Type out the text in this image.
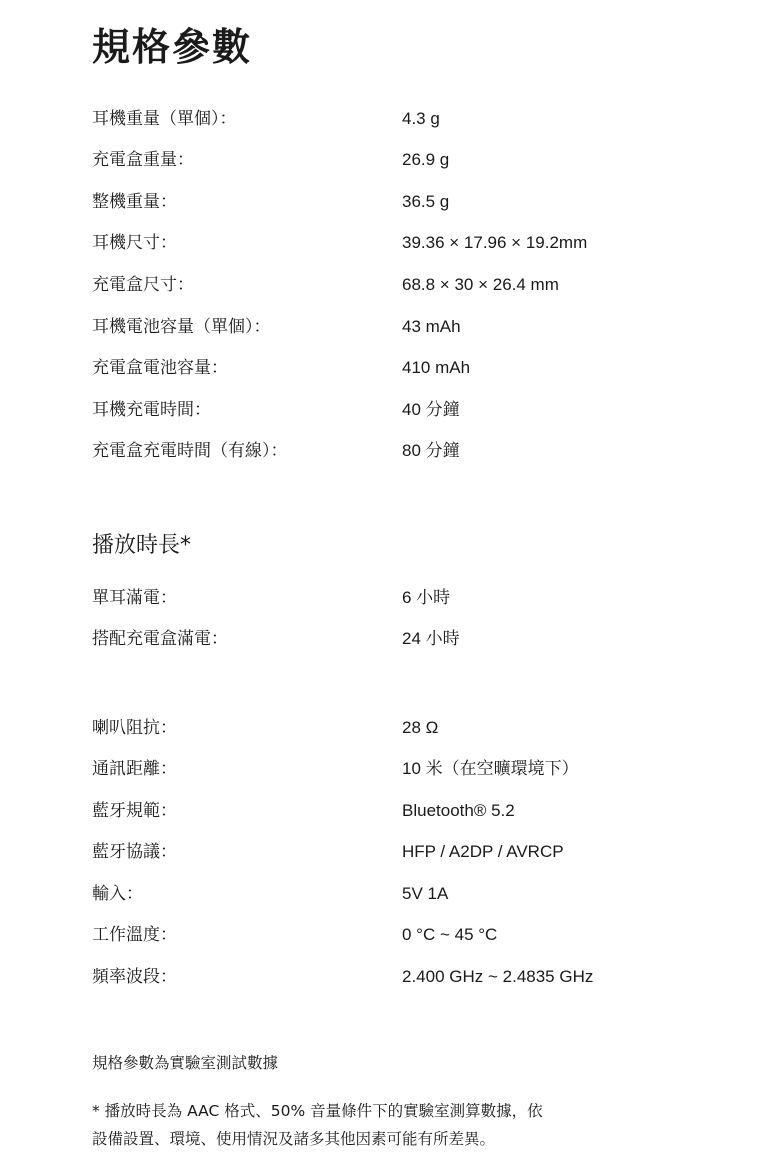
規格參數
耳機重量（單個）：	4.3 g
充電盒重量：	26.9 g
整機重量：	36.5 g
耳機尺寸：	39.36 × 17.96 × 19.2mm
充電盒尺寸：	68.8 × 30 × 26.4 mm
耳機電池容量（單個）：	43 mAh
充電盒電池容量：	410 mAh
耳機充電時間：	40 分鐘
充電盒充電時間（有線）：	80 分鐘
播放時長*
單耳滿電：	6 小時
搭配充電盒滿電：	24 小時
喇叭阻抗：	28 Ω
通訊距離：	10 米（在空曠環境下）
藍牙規範：	Bluetooth® 5.2
藍牙協議：	HFP / A2DP / AVRCP
輸入：	5V 1A
工作溫度：	0 °C ~ 45 °C
頻率波段：	2.400 GHz ~ 2.4835 GHz

規格參數為實驗室測試數據

* 播放時長為 AAC 格式、50% 音量條件下的實驗室測算數據，依

設備設置、環境、使用情況及諸多其他因素可能有所差異。
